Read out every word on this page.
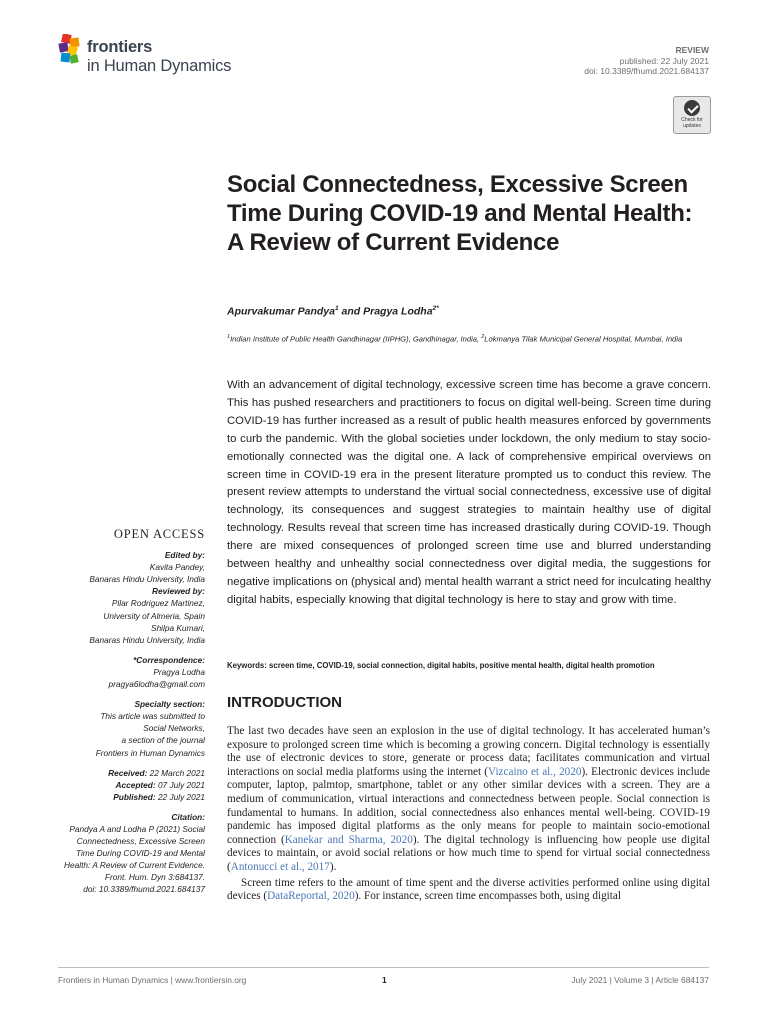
frontiers
in Human Dynamics
REVIEW
published: 22 July 2021
doi: 10.3389/fhumd.2021.684137
Check for
updates
Social Connectedness, Excessive Screen Time During COVID-19 and Mental Health: A Review of Current Evidence
Apurvakumar Pandya$^1$ and Pragya Lodha$^{2*}$
$^1$Indian Institute of Public Health Gandhinagar (IIPHG), Gandhinagar, India, $^2$Lokmanya Tilak Municipal General Hospital, Mumbai, India

With an advancement of digital technology, excessive screen time has become a grave concern. This has pushed researchers and practitioners to focus on digital well-being. Screen time during COVID-19 has further increased as a result of public health measures enforced by governments to curb the pandemic. With the global societies under lockdown, the only medium to stay socio- emotionally connected was the digital one. A lack of comprehensive empirical overviews on screen time in COVID-19 era in the present literature prompted us to conduct this review. The present review attempts to understand the virtual social connectedness, excessive use of digital technology, its consequences and suggest strategies to maintain healthy use of digital technology. Results reveal that screen time has increased drastically during COVID-19. Though there are mixed consequences of prolonged screen time use and blurred understanding between healthy and unhealthy social connectedness over digital media, the suggestions for negative implications on (physical and) mental health warrant a strict need for inculcating healthy digital habits, especially knowing that digital technology is here to stay and grow with time.

Keywords: screen time, COVID-19, social connection, digital habits, positive mental health, digital health promotion
INTRODUCTION

The last two decades have seen an explosion in the use of digital technology. It has accelerated human’s exposure to prolonged screen time which is becoming a growing concern. Digital technology is essentially the use of electronic devices to store, generate or process data; facilitates communication and virtual interactions on social media platforms using the internet (Vizcaino et al., 2020). Electronic devices include computer, laptop, palmtop, smartphone, tablet or any other similar devices with a screen. They are a medium of communication, virtual interactions and connectedness between people. Social connection is fundamental to humans. In addition, social connectedness also enhances mental well-being. COVID-19 pandemic has imposed digital platforms as the only means for people to maintain socio-emotional connection (Kanekar and Sharma, 2020). The digital technology is influencing how people use digital devices to maintain, or avoid social relations or how much time to spend for virtual social connectedness (Antonucci et al., 2017).

Screen time refers to the amount of time spent and the diverse activities performed online using digital devices (DataReportal, 2020). For instance, screen time encompasses both, using digital

OPEN ACCESS
Edited by:
Kavita Pandey,
Banaras Hindu University, India
Reviewed by:
Pilar Rodriguez Martinez,
University of Almeria, Spain
Shilpa Kumari,
Banaras Hindu University, India
*Correspondence:
Pragya Lodha
pragya6lodha@gmail.com
Specialty section:
This article was submitted to
Social Networks,
a section of the journal
Frontiers in Human Dynamics
Received: 22 March 2021
Accepted: 07 July 2021
Published: 22 July 2021
Citation:
Pandya A and Lodha P (2021) Social
Connectedness, Excessive Screen
Time During COVID-19 and Mental
Health: A Review of Current Evidence.
Front. Hum. Dyn 3:684137.
doi: 10.3389/fhumd.2021.684137
Frontiers in Human Dynamics | www.frontiersin.org	1	July 2021 | Volume 3 | Article 684137
